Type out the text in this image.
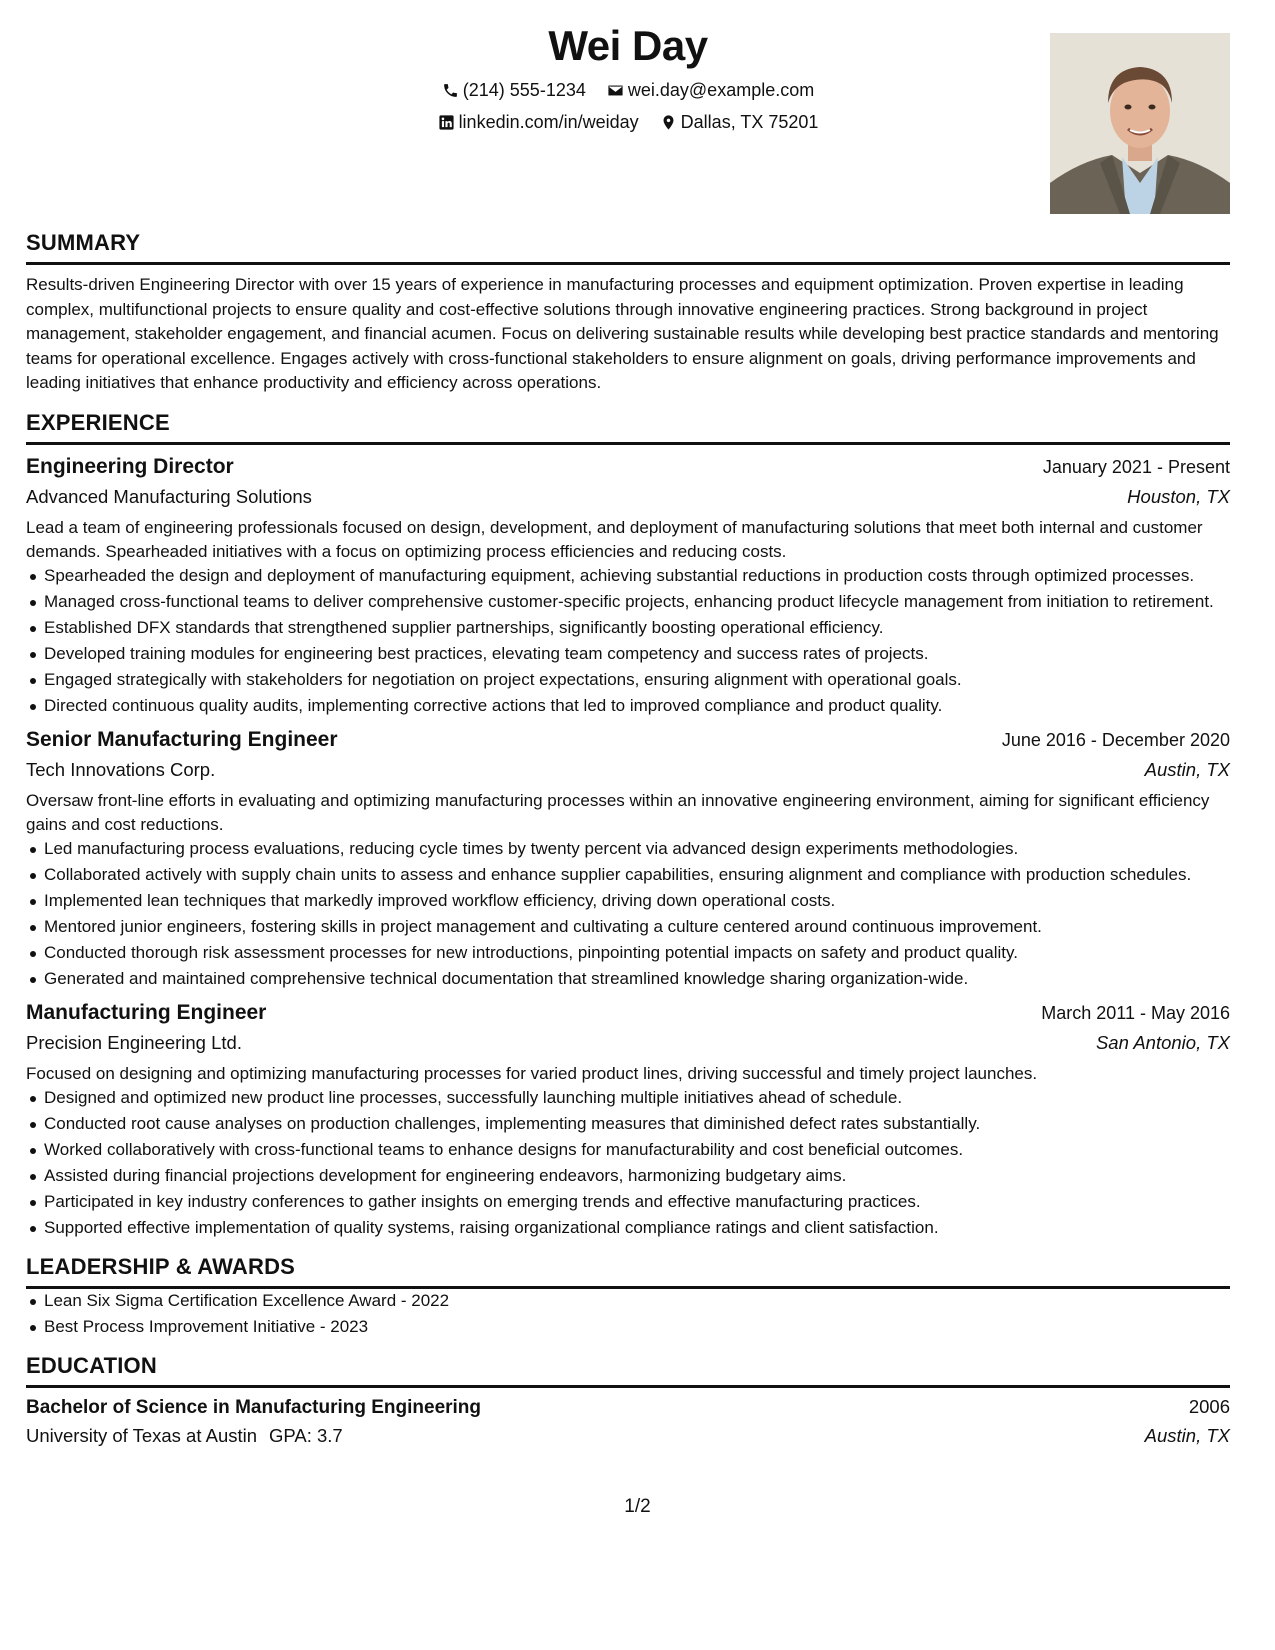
Wei Day
(214) 555-1234
wei.day@example.com
linkedin.com/in/weiday
Dallas, TX 75201
SUMMARY
Results-driven Engineering Director with over 15 years of experience in manufacturing processes and equipment optimization. Proven expertise in leading complex, multifunctional projects to ensure quality and cost-effective solutions through innovative engineering practices. Strong background in project management, stakeholder engagement, and financial acumen. Focus on delivering sustainable results while developing best practice standards and mentoring teams for operational excellence. Engages actively with cross-functional stakeholders to ensure alignment on goals, driving performance improvements and leading initiatives that enhance productivity and efficiency across operations.
EXPERIENCE
Engineering Director	January 2021 - Present
Advanced Manufacturing Solutions	Houston, TX
Lead a team of engineering professionals focused on design, development, and deployment of manufacturing solutions that meet both internal and customer demands. Spearheaded initiatives with a focus on optimizing process efficiencies and reducing costs.
Spearheaded the design and deployment of manufacturing equipment, achieving substantial reductions in production costs through optimized processes.
Managed cross-functional teams to deliver comprehensive customer-specific projects, enhancing product lifecycle management from initiation to retirement.
Established DFX standards that strengthened supplier partnerships, significantly boosting operational efficiency.
Developed training modules for engineering best practices, elevating team competency and success rates of projects.
Engaged strategically with stakeholders for negotiation on project expectations, ensuring alignment with operational goals.
Directed continuous quality audits, implementing corrective actions that led to improved compliance and product quality.
Senior Manufacturing Engineer	June 2016 - December 2020
Tech Innovations Corp.	Austin, TX
Oversaw front-line efforts in evaluating and optimizing manufacturing processes within an innovative engineering environment, aiming for significant efficiency gains and cost reductions.
Led manufacturing process evaluations, reducing cycle times by twenty percent via advanced design experiments methodologies.
Collaborated actively with supply chain units to assess and enhance supplier capabilities, ensuring alignment and compliance with production schedules.
Implemented lean techniques that markedly improved workflow efficiency, driving down operational costs.
Mentored junior engineers, fostering skills in project management and cultivating a culture centered around continuous improvement.
Conducted thorough risk assessment processes for new introductions, pinpointing potential impacts on safety and product quality.
Generated and maintained comprehensive technical documentation that streamlined knowledge sharing organization-wide.
Manufacturing Engineer	March 2011 - May 2016
Precision Engineering Ltd.	San Antonio, TX
Focused on designing and optimizing manufacturing processes for varied product lines, driving successful and timely project launches.
Designed and optimized new product line processes, successfully launching multiple initiatives ahead of schedule.
Conducted root cause analyses on production challenges, implementing measures that diminished defect rates substantially.
Worked collaboratively with cross-functional teams to enhance designs for manufacturability and cost beneficial outcomes.
Assisted during financial projections development for engineering endeavors, harmonizing budgetary aims.
Participated in key industry conferences to gather insights on emerging trends and effective manufacturing practices.
Supported effective implementation of quality systems, raising organizational compliance ratings and client satisfaction.
LEADERSHIP & AWARDS
Lean Six Sigma Certification Excellence Award - 2022
Best Process Improvement Initiative - 2023
EDUCATION
Bachelor of Science in Manufacturing Engineering	2006
University of Texas at Austin GPA: 3.7	Austin, TX
1/2
